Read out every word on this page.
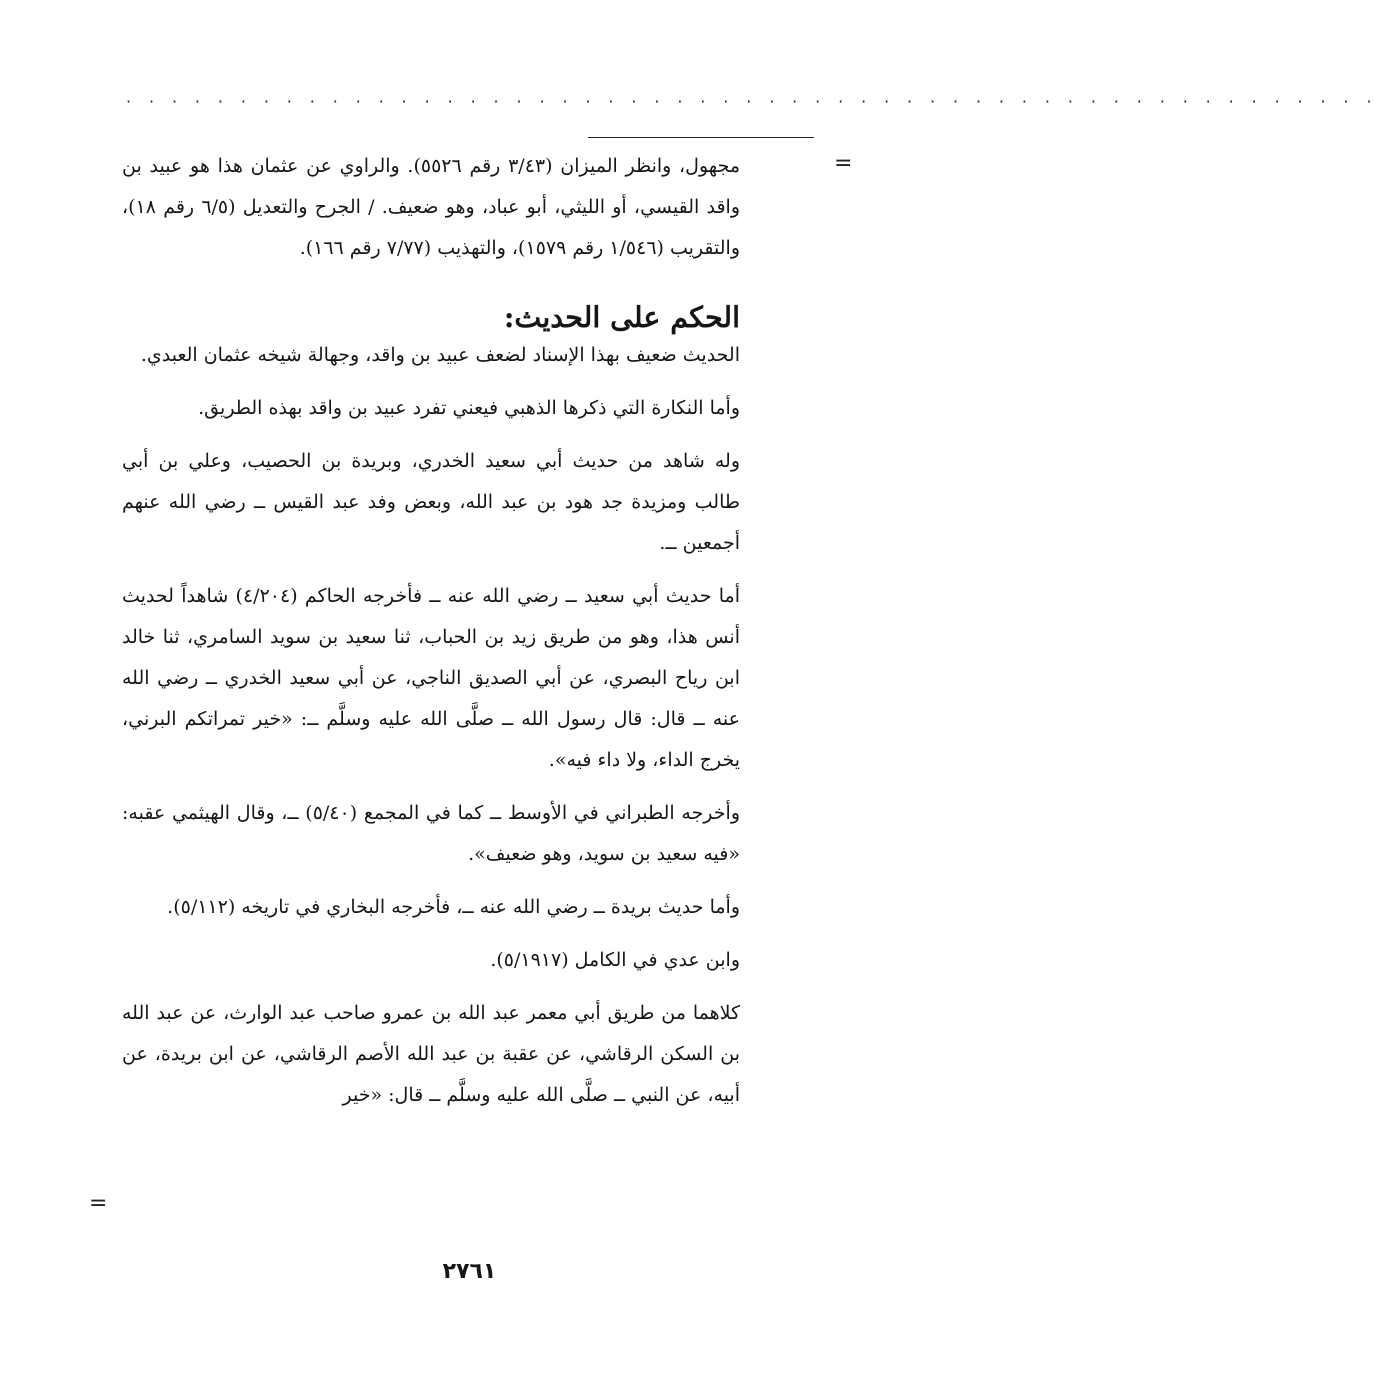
· · · · · · · · · · · · · · · · · · · · · · · · · · · · · · · · · · · · · · · · · · · · · · · · · · · · · · ·
=

مجهول، وانظر الميزان (٣/٤٣ رقم ٥٥٢٦). والراوي عن عثمان هذا هو عبيد بن واقد القيسي، أو الليثي، أبو عباد، وهو ضعيف. / الجرح والتعديل (٦/٥ رقم ١٨)، والتقريب (١/٥٤٦ رقم ١٥٧٩)، والتهذيب (٧/٧٧ رقم ١٦٦).

الحكم على الحديث:

الحديث ضعيف بهذا الإسناد لضعف عبيد بن واقد، وجهالة شيخه عثمان العبدي.

وأما النكارة التي ذكرها الذهبي فيعني تفرد عبيد بن واقد بهذه الطريق.

وله شاهد من حديث أبي سعيد الخدري، وبريدة بن الحصيب، وعلي بن أبي طالب ومزيدة جد هود بن عبد الله، وبعض وفد عبد القيس ــ رضي الله عنهم أجمعين ــ.

أما حديث أبي سعيد ــ رضي الله عنه ــ فأخرجه الحاكم (٤/٢٠٤) شاهداً لحديث أنس هذا، وهو من طريق زيد بن الحباب، ثنا سعيد بن سويد السامري، ثنا خالد ابن رياح البصري، عن أبي الصديق الناجي، عن أبي سعيد الخدري ــ رضي الله عنه ــ قال: قال رسول الله ــ صلَّى الله عليه وسلَّم ــ: «خير تمراتكم البرني، يخرج الداء، ولا داء فيه».

وأخرجه الطبراني في الأوسط ــ كما في المجمع (٥/٤٠) ــ، وقال الهيثمي عقبه: «فيه سعيد بن سويد، وهو ضعيف».

وأما حديث بريدة ــ رضي الله عنه ــ، فأخرجه البخاري في تاريخه (٥/١١٢).

وابن عدي في الكامل (٥/١٩١٧).

كلاهما من طريق أبي معمر عبد الله بن عمرو صاحب عبد الوارث، عن عبد الله بن السكن الرقاشي، عن عقبة بن عبد الله الأصم الرقاشي، عن ابن بريدة، عن أبيه، عن النبي ــ صلَّى الله عليه وسلَّم ــ قال: «خير

=
٢٧٦١
